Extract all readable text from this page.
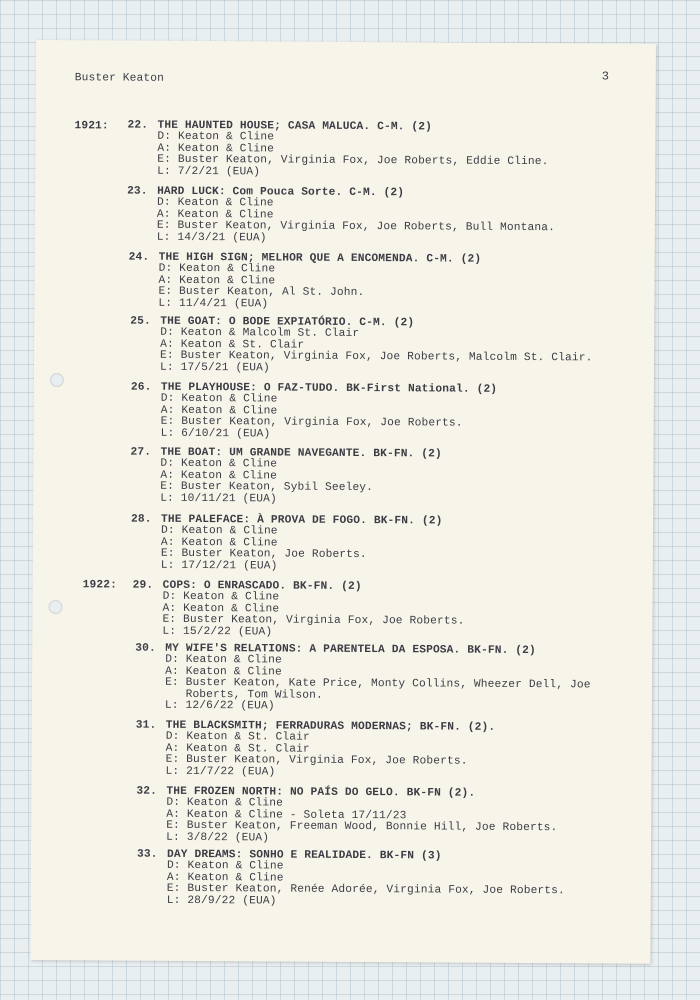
Buster Keaton	3
1921:
1922:
22. THE HAUNTED HOUSE; CASA MALUCA. C-M. (2)
D: Keaton & Cline
A: Keaton & Cline
E: Buster Keaton, Virginia Fox, Joe Roberts, Eddie Cline.
L: 7/2/21 (EUA)
23. HARD LUCK: Com Pouca Sorte. C-M. (2)
D: Keaton & Cline
A: Keaton & Cline
E: Buster Keaton, Virginia Fox, Joe Roberts, Bull Montana.
L: 14/3/21 (EUA)
24. THE HIGH SIGN; MELHOR QUE A ENCOMENDA. C-M. (2)
D: Keaton & Cline
A: Keaton & Cline
E: Buster Keaton, Al St. John.
L: 11/4/21 (EUA)
25. THE GOAT: O BODE EXPIATÓRIO. C-M. (2)
D: Keaton & Malcolm St. Clair
A: Keaton & St. Clair
E: Buster Keaton, Virginia Fox, Joe Roberts, Malcolm St. Clair.
L: 17/5/21 (EUA)
26. THE PLAYHOUSE: O FAZ-TUDO. BK-First National. (2)
D: Keaton & Cline
A: Keaton & Cline
E: Buster Keaton, Virginia Fox, Joe Roberts.
L: 6/10/21 (EUA)
27. THE BOAT: UM GRANDE NAVEGANTE. BK-FN. (2)
D: Keaton & Cline
A: Keaton & Cline
E: Buster Keaton, Sybil Seeley.
L: 10/11/21 (EUA)
28. THE PALEFACE: À PROVA DE FOGO. BK-FN. (2)
D: Keaton & Cline
A: Keaton & Cline
E: Buster Keaton, Joe Roberts.
L: 17/12/21 (EUA)
29. COPS: O ENRASCADO. BK-FN. (2)
D: Keaton & Cline
A: Keaton & Cline
E: Buster Keaton, Virginia Fox, Joe Roberts.
L: 15/2/22 (EUA)
30. MY WIFE'S RELATIONS: A PARENTELA DA ESPOSA. BK-FN. (2)
D: Keaton & Cline
A: Keaton & Cline
E: Buster Keaton, Kate Price, Monty Collins, Wheezer Dell, Joe
Roberts, Tom Wilson.
L: 12/6/22 (EUA)
31. THE BLACKSMITH; FERRADURAS MODERNAS; BK-FN. (2).
D: Keaton & St. Clair
A: Keaton & St. Clair
E: Buster Keaton, Virginia Fox, Joe Roberts.
L: 21/7/22 (EUA)
32. THE FROZEN NORTH: NO PAÍS DO GELO. BK-FN (2).
D: Keaton & Cline
A: Keaton & Cline - Soleta 17/11/23
E: Buster Keaton, Freeman Wood, Bonnie Hill, Joe Roberts.
L: 3/8/22 (EUA)
33. DAY DREAMS: SONHO E REALIDADE. BK-FN (3)
D: Keaton & Cline
A: Keaton & Cline
E: Buster Keaton, Renée Adorée, Virginia Fox, Joe Roberts.
L: 28/9/22 (EUA)
